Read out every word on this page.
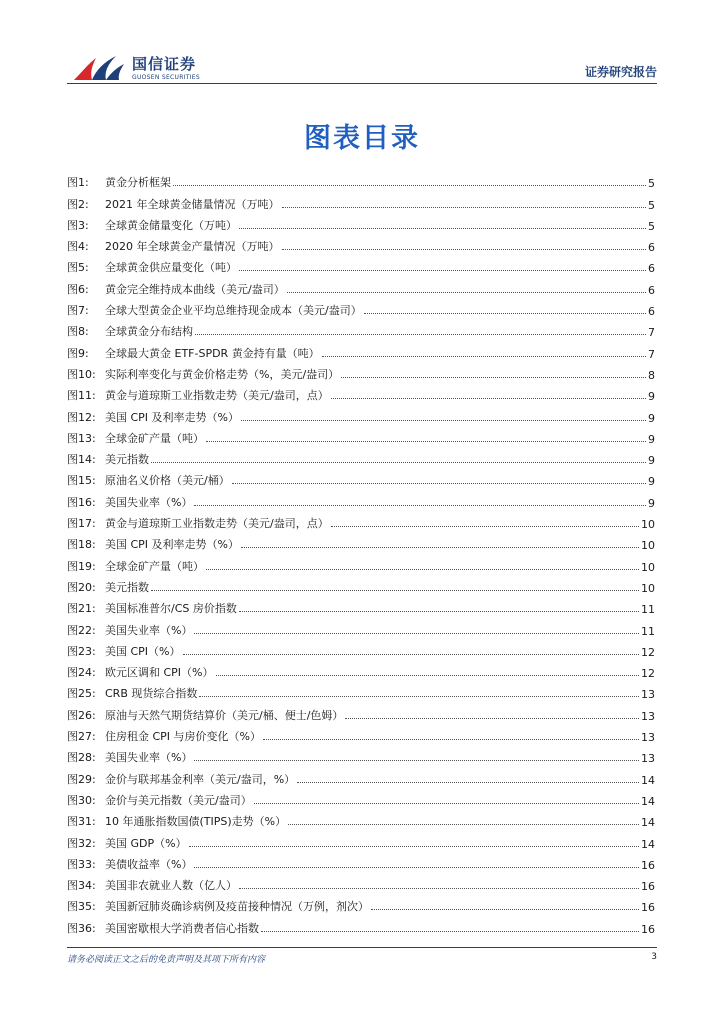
国信证券
GUOSEN SECURITIES	证券研究报告
图表目录
图1:	黄金分析框架	5
图2:	2021 年全球黄金储量情况（万吨）	5
图3:	全球黄金储量变化（万吨）	5
图4:	2020 年全球黄金产量情况（万吨）	6
图5:	全球黄金供应量变化（吨）	6
图6:	黄金完全维持成本曲线（美元/盎司）	6
图7:	全球大型黄金企业平均总维持现金成本（美元/盎司）	6
图8:	全球黄金分布结构	7
图9:	全球最大黄金 ETF-SPDR 黄金持有量（吨）	7
图10: 实际利率变化与黄金价格走势（%，美元/盎司）	8
图11: 黄金与道琼斯工业指数走势（美元/盎司，点）	9
图12: 美国 CPI 及利率走势（%）	9
图13: 全球金矿产量（吨）	9
图14: 美元指数	9
图15: 原油名义价格（美元/桶）	9
图16: 美国失业率（%）	9
图17: 黄金与道琼斯工业指数走势（美元/盎司，点）	10
图18: 美国 CPI 及利率走势（%）	10
图19: 全球金矿产量（吨）	10
图20: 美元指数	10
图21: 美国标准普尔/CS 房价指数	11
图22: 美国失业率（%）	11
图23: 美国 CPI（%）	12
图24: 欧元区调和 CPI（%）	12
图25: CRB 现货综合指数	13
图26: 原油与天然气期货结算价（美元/桶、便士/色姆）	13
图27: 住房租金 CPI 与房价变化（%）	13
图28: 美国失业率（%）	13
图29: 金价与联邦基金利率（美元/盎司，%）	14
图30: 金价与美元指数（美元/盎司）	14
图31: 10 年通胀指数国债(TIPS)走势（%）	14
图32: 美国 GDP（%）	14
图33: 美债收益率（%）	16
图34: 美国非农就业人数（亿人）	16
图35: 美国新冠肺炎确诊病例及疫苗接种情况（万例，剂次）	16
图36: 美国密歇根大学消费者信心指数	16
请务必阅读正文之后的免责声明及其项下所有内容	3
